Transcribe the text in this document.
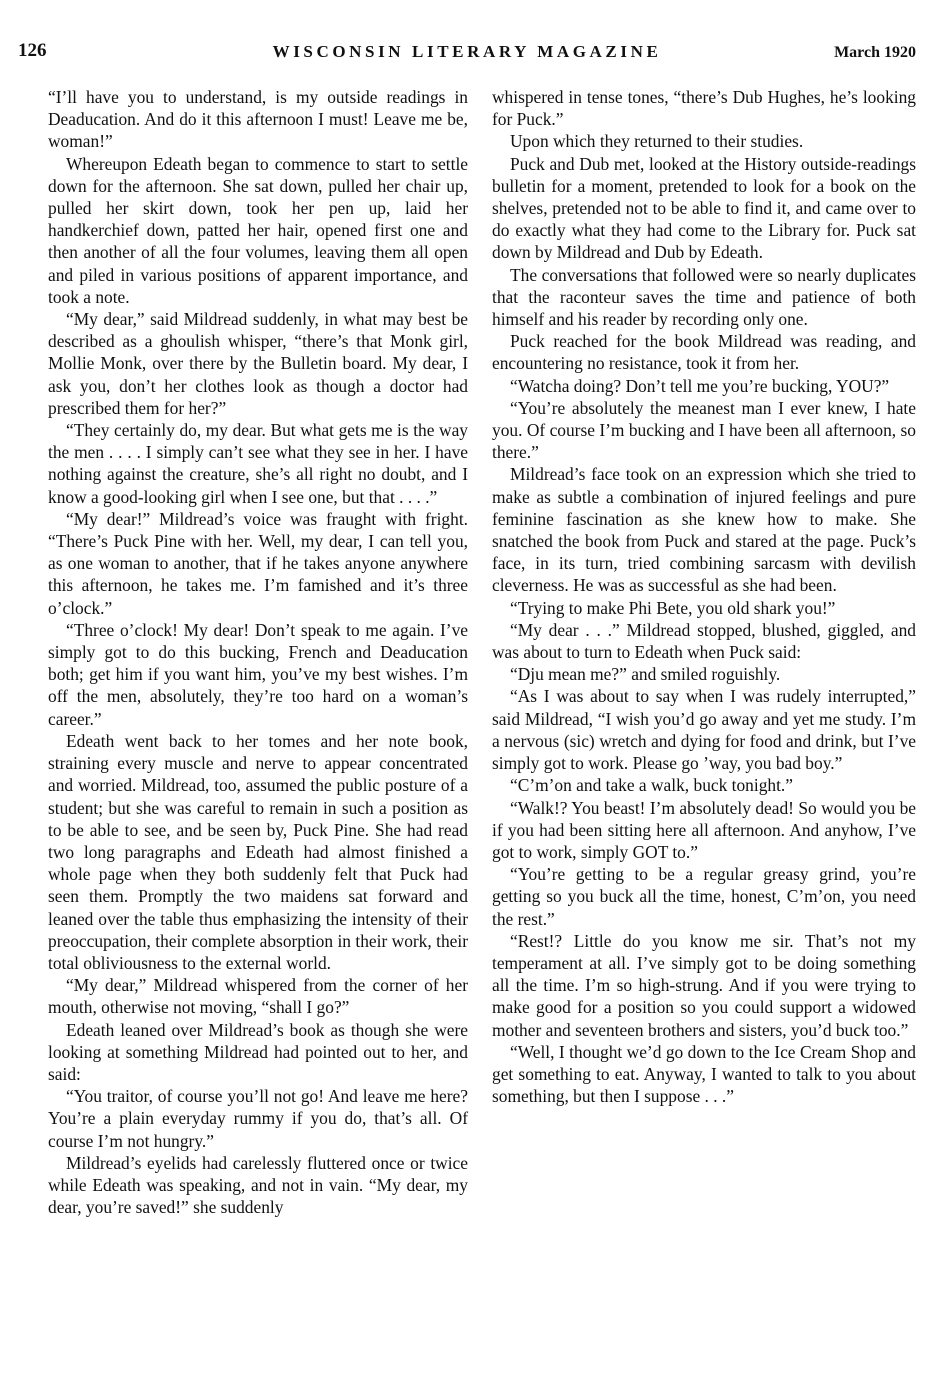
126	WISCONSIN LITERARY MAGAZINE	March 1920

“I’ll have you to understand, is my outside readings in Deaducation. And do it this afternoon I must! Leave me be, woman!”

Whereupon Edeath began to commence to start to settle down for the afternoon. She sat down, pulled her chair up, pulled her skirt down, took her pen up, laid her handkerchief down, patted her hair, opened first one and then another of all the four volumes, leaving them all open and piled in various positions of apparent importance, and took a note.

“My dear,” said Mildread suddenly, in what may best be described as a ghoulish whisper, “there’s that Monk girl, Mollie Monk, over there by the Bulletin board. My dear, I ask you, don’t her clothes look as though a doctor had prescribed them for her?”

“They certainly do, my dear. But what gets me is the way the men . . . . I simply can’t see what they see in her. I have nothing against the creature, she’s all right no doubt, and I know a good-looking girl when I see one, but that . . . .”

“My dear!” Mildread’s voice was fraught with fright. “There’s Puck Pine with her. Well, my dear, I can tell you, as one woman to another, that if he takes anyone anywhere this afternoon, he takes me. I’m famished and it’s three o’clock.”

“Three o’clock! My dear! Don’t speak to me again. I’ve simply got to do this bucking, French and Deaducation both; get him if you want him, you’ve my best wishes. I’m off the men, absolutely, they’re too hard on a woman’s career.”

Edeath went back to her tomes and her note book, straining every muscle and nerve to appear concentrated and worried. Mildread, too, assumed the public posture of a student; but she was careful to remain in such a position as to be able to see, and be seen by, Puck Pine. She had read two long paragraphs and Edeath had almost finished a whole page when they both suddenly felt that Puck had seen them. Promptly the two maidens sat forward and leaned over the table thus emphasizing the intensity of their preoccupation, their complete absorption in their work, their total obliviousness to the external world.

“My dear,” Mildread whispered from the corner of her mouth, otherwise not moving, “shall I go?”

Edeath leaned over Mildread’s book as though she were looking at something Mildread had pointed out to her, and said:

“You traitor, of course you’ll not go! And leave me here? You’re a plain everyday rummy if you do, that’s all. Of course I’m not hungry.”

Mildread’s eyelids had carelessly fluttered once or twice while Edeath was speaking, and not in vain. “My dear, my dear, you’re saved!” she suddenly

whispered in tense tones, “there’s Dub Hughes, he’s looking for Puck.”

Upon which they returned to their studies.

Puck and Dub met, looked at the History outside-readings bulletin for a moment, pretended to look for a book on the shelves, pretended not to be able to find it, and came over to do exactly what they had come to the Library for. Puck sat down by Mildread and Dub by Edeath.

The conversations that followed were so nearly duplicates that the raconteur saves the time and patience of both himself and his reader by recording only one.

Puck reached for the book Mildread was reading, and encountering no resistance, took it from her.

“Watcha doing? Don’t tell me you’re bucking, YOU?”

“You’re absolutely the meanest man I ever knew, I hate you. Of course I’m bucking and I have been all afternoon, so there.”

Mildread’s face took on an expression which she tried to make as subtle a combination of injured feelings and pure feminine fascination as she knew how to make. She snatched the book from Puck and stared at the page. Puck’s face, in its turn, tried combining sarcasm with devilish cleverness. He was as successful as she had been.

“Trying to make Phi Bete, you old shark you!”

“My dear . . .” Mildread stopped, blushed, giggled, and was about to turn to Edeath when Puck said:

“Dju mean me?” and smiled roguishly.

“As I was about to say when I was rudely interrupted,” said Mildread, “I wish you’d go away and yet me study. I’m a nervous (sic) wretch and dying for food and drink, but I’ve simply got to work. Please go ’way, you bad boy.”

“C’m’on and take a walk, buck tonight.”

“Walk!? You beast! I’m absolutely dead! So would you be if you had been sitting here all afternoon. And anyhow, I’ve got to work, simply GOT to.”

“You’re getting to be a regular greasy grind, you’re getting so you buck all the time, honest, C’m’on, you need the rest.”

“Rest!? Little do you know me sir. That’s not my temperament at all. I’ve simply got to be doing something all the time. I’m so high-strung. And if you were trying to make good for a position so you could support a widowed mother and seventeen brothers and sisters, you’d buck too.”

“Well, I thought we’d go down to the Ice Cream Shop and get something to eat. Anyway, I wanted to talk to you about something, but then I suppose . . .”
